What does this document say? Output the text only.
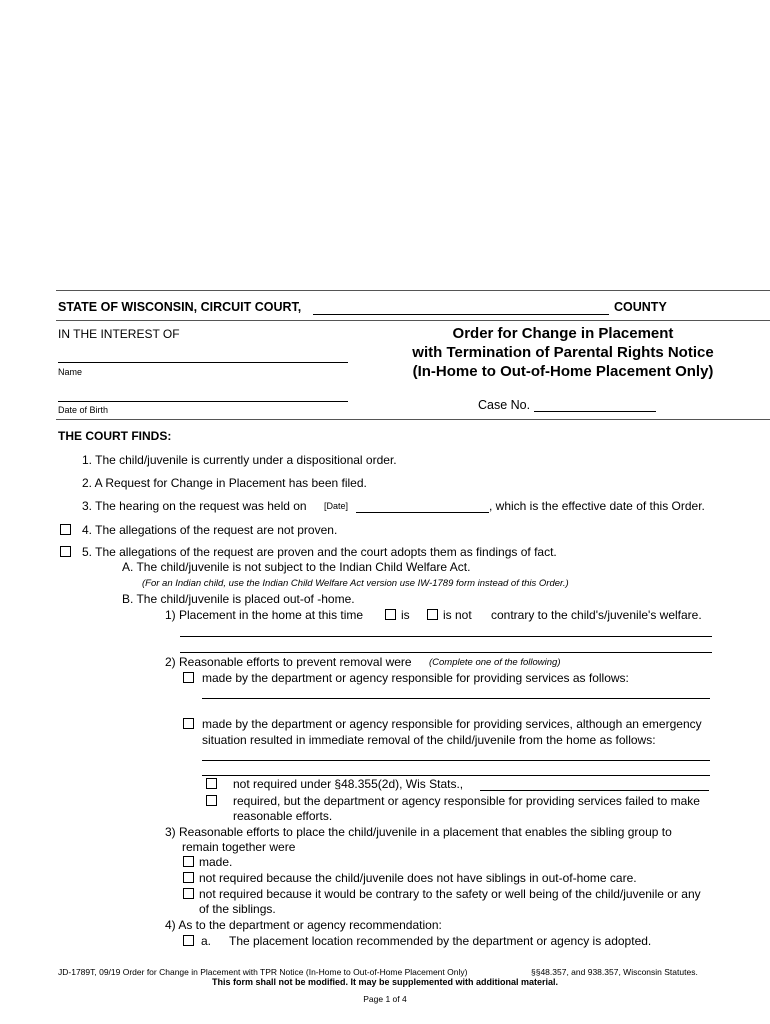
STATE OF WISCONSIN, CIRCUIT COURT,	COUNTY
IN THE INTEREST OF
Name
Date of Birth
Order for Change in Placement
with Termination of Parental Rights Notice
(In-Home to Out-of-Home Placement Only)
Case No.
THE COURT FINDS:
1. The child/juvenile is currently under a dispositional order.
2. A Request for Change in Placement has been filed.
3. The hearing on the request was held on [Date]	, which is the effective date of this Order.
4. The allegations of the request are not proven.
5. The allegations of the request are proven and the court adopts them as findings of fact.
A. The child/juvenile is not subject to the Indian Child Welfare Act.
(For an Indian child, use the Indian Child Welfare Act version use IW-1789 form instead of this Order.)
B. The child/juvenile is placed out-of -home.
1) Placement in the home at this time	is	is not contrary to the child's/juvenile's welfare.
2) Reasonable efforts to prevent removal were (Complete one of the following)
made by the department or agency responsible for providing services as follows:
made by the department or agency responsible for providing services, although an emergency
situation resulted in immediate removal of the child/juvenile from the home as follows:
not required under §48.355(2d), Wis Stats.,
required, but the department or agency responsible for providing services failed to make
reasonable efforts.
3) Reasonable efforts to place the child/juvenile in a placement that enables the sibling group to
remain together were
made.
not required because the child/juvenile does not have siblings in out-of-home care.
not required because it would be contrary to the safety or well being of the child/juvenile or any
of the siblings.
4) As to the department or agency recommendation:
a. The placement location recommended by the department or agency is adopted.
JD-1789T, 09/19 Order for Change in Placement with TPR Notice (In-Home to Out-of-Home Placement Only)	§§48.357, and 938.357, Wisconsin Statutes.
This form shall not be modified. It may be supplemented with additional material.
Page 1 of 4
